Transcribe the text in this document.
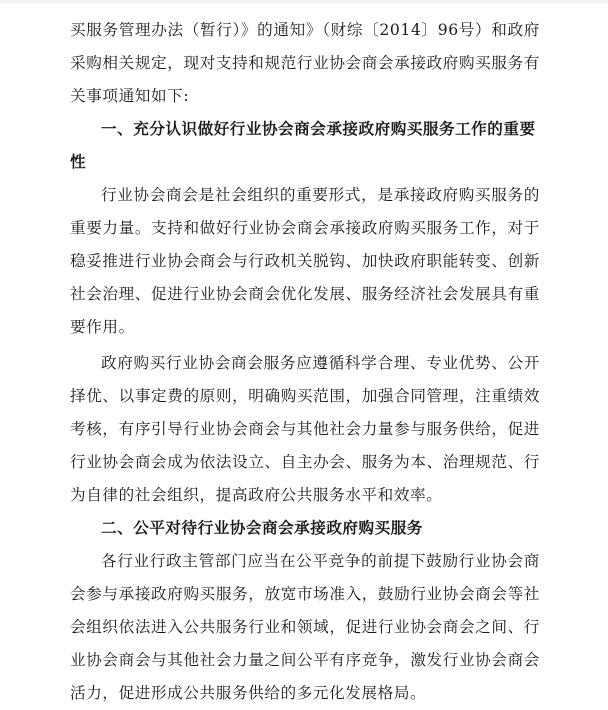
买服务管理办法（暂行）》的通知》（财综〔2014〕96号）和政府采购相关规定，现对支持和规范行业协会商会承接政府购买服务有关事项通知如下:

一、充分认识做好行业协会商会承接政府购买服务工作的重要性

行业协会商会是社会组织的重要形式，是承接政府购买服务的重要力量。支持和做好行业协会商会承接政府购买服务工作，对于稳妥推进行业协会商会与行政机关脱钩、加快政府职能转变、创新社会治理、促进行业协会商会优化发展、服务经济社会发展具有重要作用。

政府购买行业协会商会服务应遵循科学合理、专业优势、公开择优、以事定费的原则，明确购买范围，加强合同管理，注重绩效考核，有序引导行业协会商会与其他社会力量参与服务供给，促进行业协会商会成为依法设立、自主办会、服务为本、治理规范、行为自律的社会组织，提高政府公共服务水平和效率。

二、公平对待行业协会商会承接政府购买服务

各行业行政主管部门应当在公平竞争的前提下鼓励行业协会商会参与承接政府购买服务，放宽市场准入，鼓励行业协会商会等社会组织依法进入公共服务行业和领域，促进行业协会商会之间、行业协会商会与其他社会力量之间公平有序竞争，激发行业协会商会活力，促进形成公共服务供给的多元化发展格局。
